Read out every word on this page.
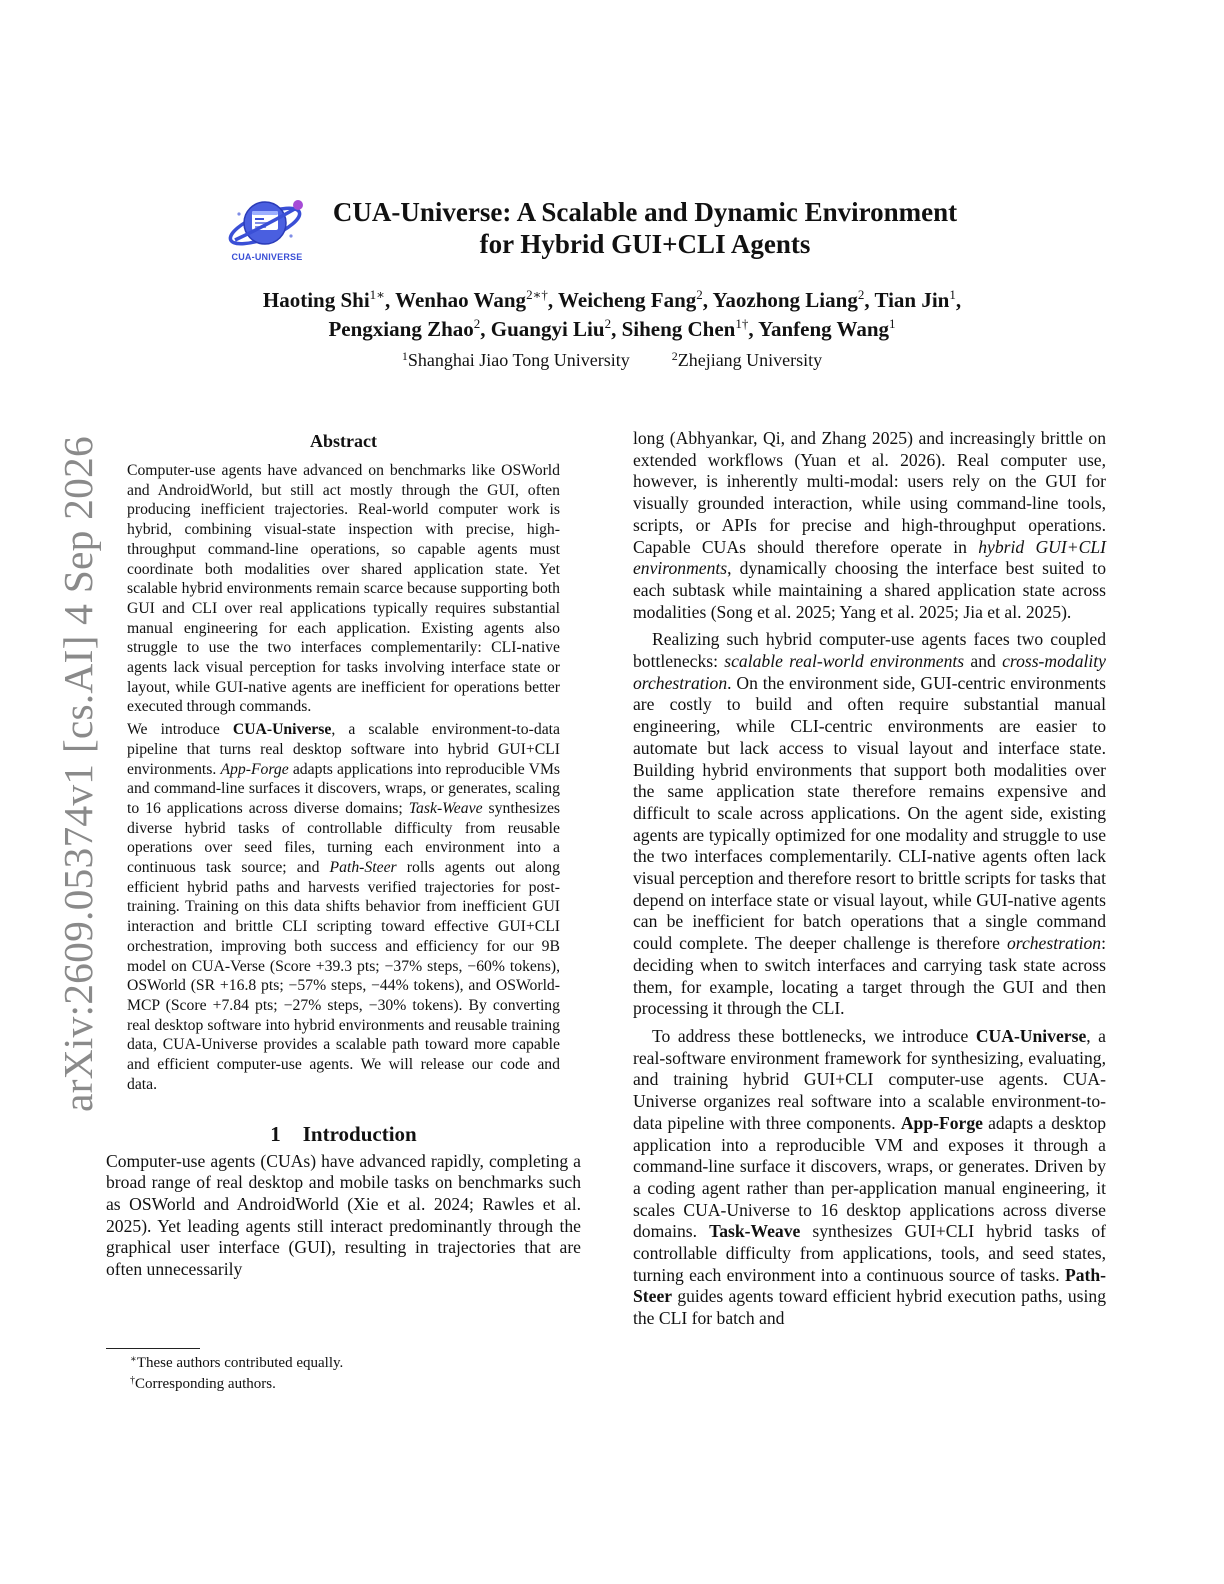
arXiv:2609.05374v1 [cs.AI] 4 Sep 2026
CUA-UNIVERSE
CUA-Universe: A Scalable and Dynamic Environment
for Hybrid GUI+CLI Agents
Haoting Shi$^{1∗}$, Wenhao Wang$^{2∗\dagger}$, Weicheng Fang$^2$, Yaozhong Liang$^2$, Tian Jin$^1$,
Pengxiang Zhao$^2$, Guangyi Liu$^2$, Siheng Chen$^{1\dagger}$, Yanfeng Wang$^1$
$^1$Shanghai Jiao Tong University	$^2$Zhejiang University
Abstract

Computer-use agents have advanced on benchmarks like OSWorld and AndroidWorld, but still act mostly through the GUI, often producing inefficient trajectories. Real-world computer work is hybrid, combining visual-state inspection with precise, high-throughput command-line operations, so capable agents must coordinate both modalities over shared application state. Yet scalable hybrid environments remain scarce because supporting both GUI and CLI over real applications typically requires substantial manual engineering for each application. Existing agents also struggle to use the two interfaces complementarily: CLI-native agents lack visual perception for tasks involving interface state or layout, while GUI-native agents are inefficient for operations better executed through commands.

We introduce CUA-Universe, a scalable environment-to-data pipeline that turns real desktop software into hybrid GUI+CLI environments. App-Forge adapts applications into reproducible VMs and command-line surfaces it discovers, wraps, or generates, scaling to 16 applications across diverse domains; Task-Weave synthesizes diverse hybrid tasks of controllable difficulty from reusable operations over seed files, turning each environment into a continuous task source; and Path-Steer rolls agents out along efficient hybrid paths and harvests verified trajectories for post-training. Training on this data shifts behavior from inefficient GUI interaction and brittle CLI scripting toward effective GUI+CLI orchestration, improving both success and efficiency for our 9B model on CUA-Verse (Score +39.3 pts; −37% steps, −60% tokens), OSWorld (SR +16.8 pts; −57% steps, −44% tokens), and OSWorld-MCP (Score +7.84 pts; −27% steps, −30% tokens). By converting real desktop software into hybrid environments and reusable training data, CUA-Universe provides a scalable path toward more capable and efficient computer-use agents. We will release our code and data.

1 Introduction

Computer-use agents (CUAs) have advanced rapidly, completing a broad range of real desktop and mobile tasks on benchmarks such as OSWorld and AndroidWorld (Xie et al. 2024; Rawles et al. 2025). Yet leading agents still interact predominantly through the graphical user interface (GUI), resulting in trajectories that are often unnecessarily

long (Abhyankar, Qi, and Zhang 2025) and increasingly brittle on extended workflows (Yuan et al. 2026). Real computer use, however, is inherently multi-modal: users rely on the GUI for visually grounded interaction, while using command-line tools, scripts, or APIs for precise and high-throughput operations. Capable CUAs should therefore operate in hybrid GUI+CLI environments, dynamically choosing the interface best suited to each subtask while maintaining a shared application state across modalities (Song et al. 2025; Yang et al. 2025; Jia et al. 2025).

Realizing such hybrid computer-use agents faces two coupled bottlenecks: scalable real-world environments and cross-modality orchestration. On the environment side, GUI-centric environments are costly to build and often require substantial manual engineering, while CLI-centric environments are easier to automate but lack access to visual layout and interface state. Building hybrid environments that support both modalities over the same application state therefore remains expensive and difficult to scale across applications. On the agent side, existing agents are typically optimized for one modality and struggle to use the two interfaces complementarily. CLI-native agents often lack visual perception and therefore resort to brittle scripts for tasks that depend on interface state or visual layout, while GUI-native agents can be inefficient for batch operations that a single command could complete. The deeper challenge is therefore orchestration: deciding when to switch interfaces and carrying task state across them, for example, locating a target through the GUI and then processing it through the CLI.

To address these bottlenecks, we introduce CUA-Universe, a real-software environment framework for synthesizing, evaluating, and training hybrid GUI+CLI computer-use agents. CUA-Universe organizes real software into a scalable environment-to-data pipeline with three components. App-Forge adapts a desktop application into a reproducible VM and exposes it through a command-line surface it discovers, wraps, or generates. Driven by a coding agent rather than per-application manual engineering, it scales CUA-Universe to 16 desktop applications across diverse domains. Task-Weave synthesizes GUI+CLI hybrid tasks of controllable difficulty from applications, tools, and seed states, turning each environment into a continuous source of tasks. Path-Steer guides agents toward efficient hybrid execution paths, using the CLI for batch and

∗These authors contributed equally.
†Corresponding authors.
